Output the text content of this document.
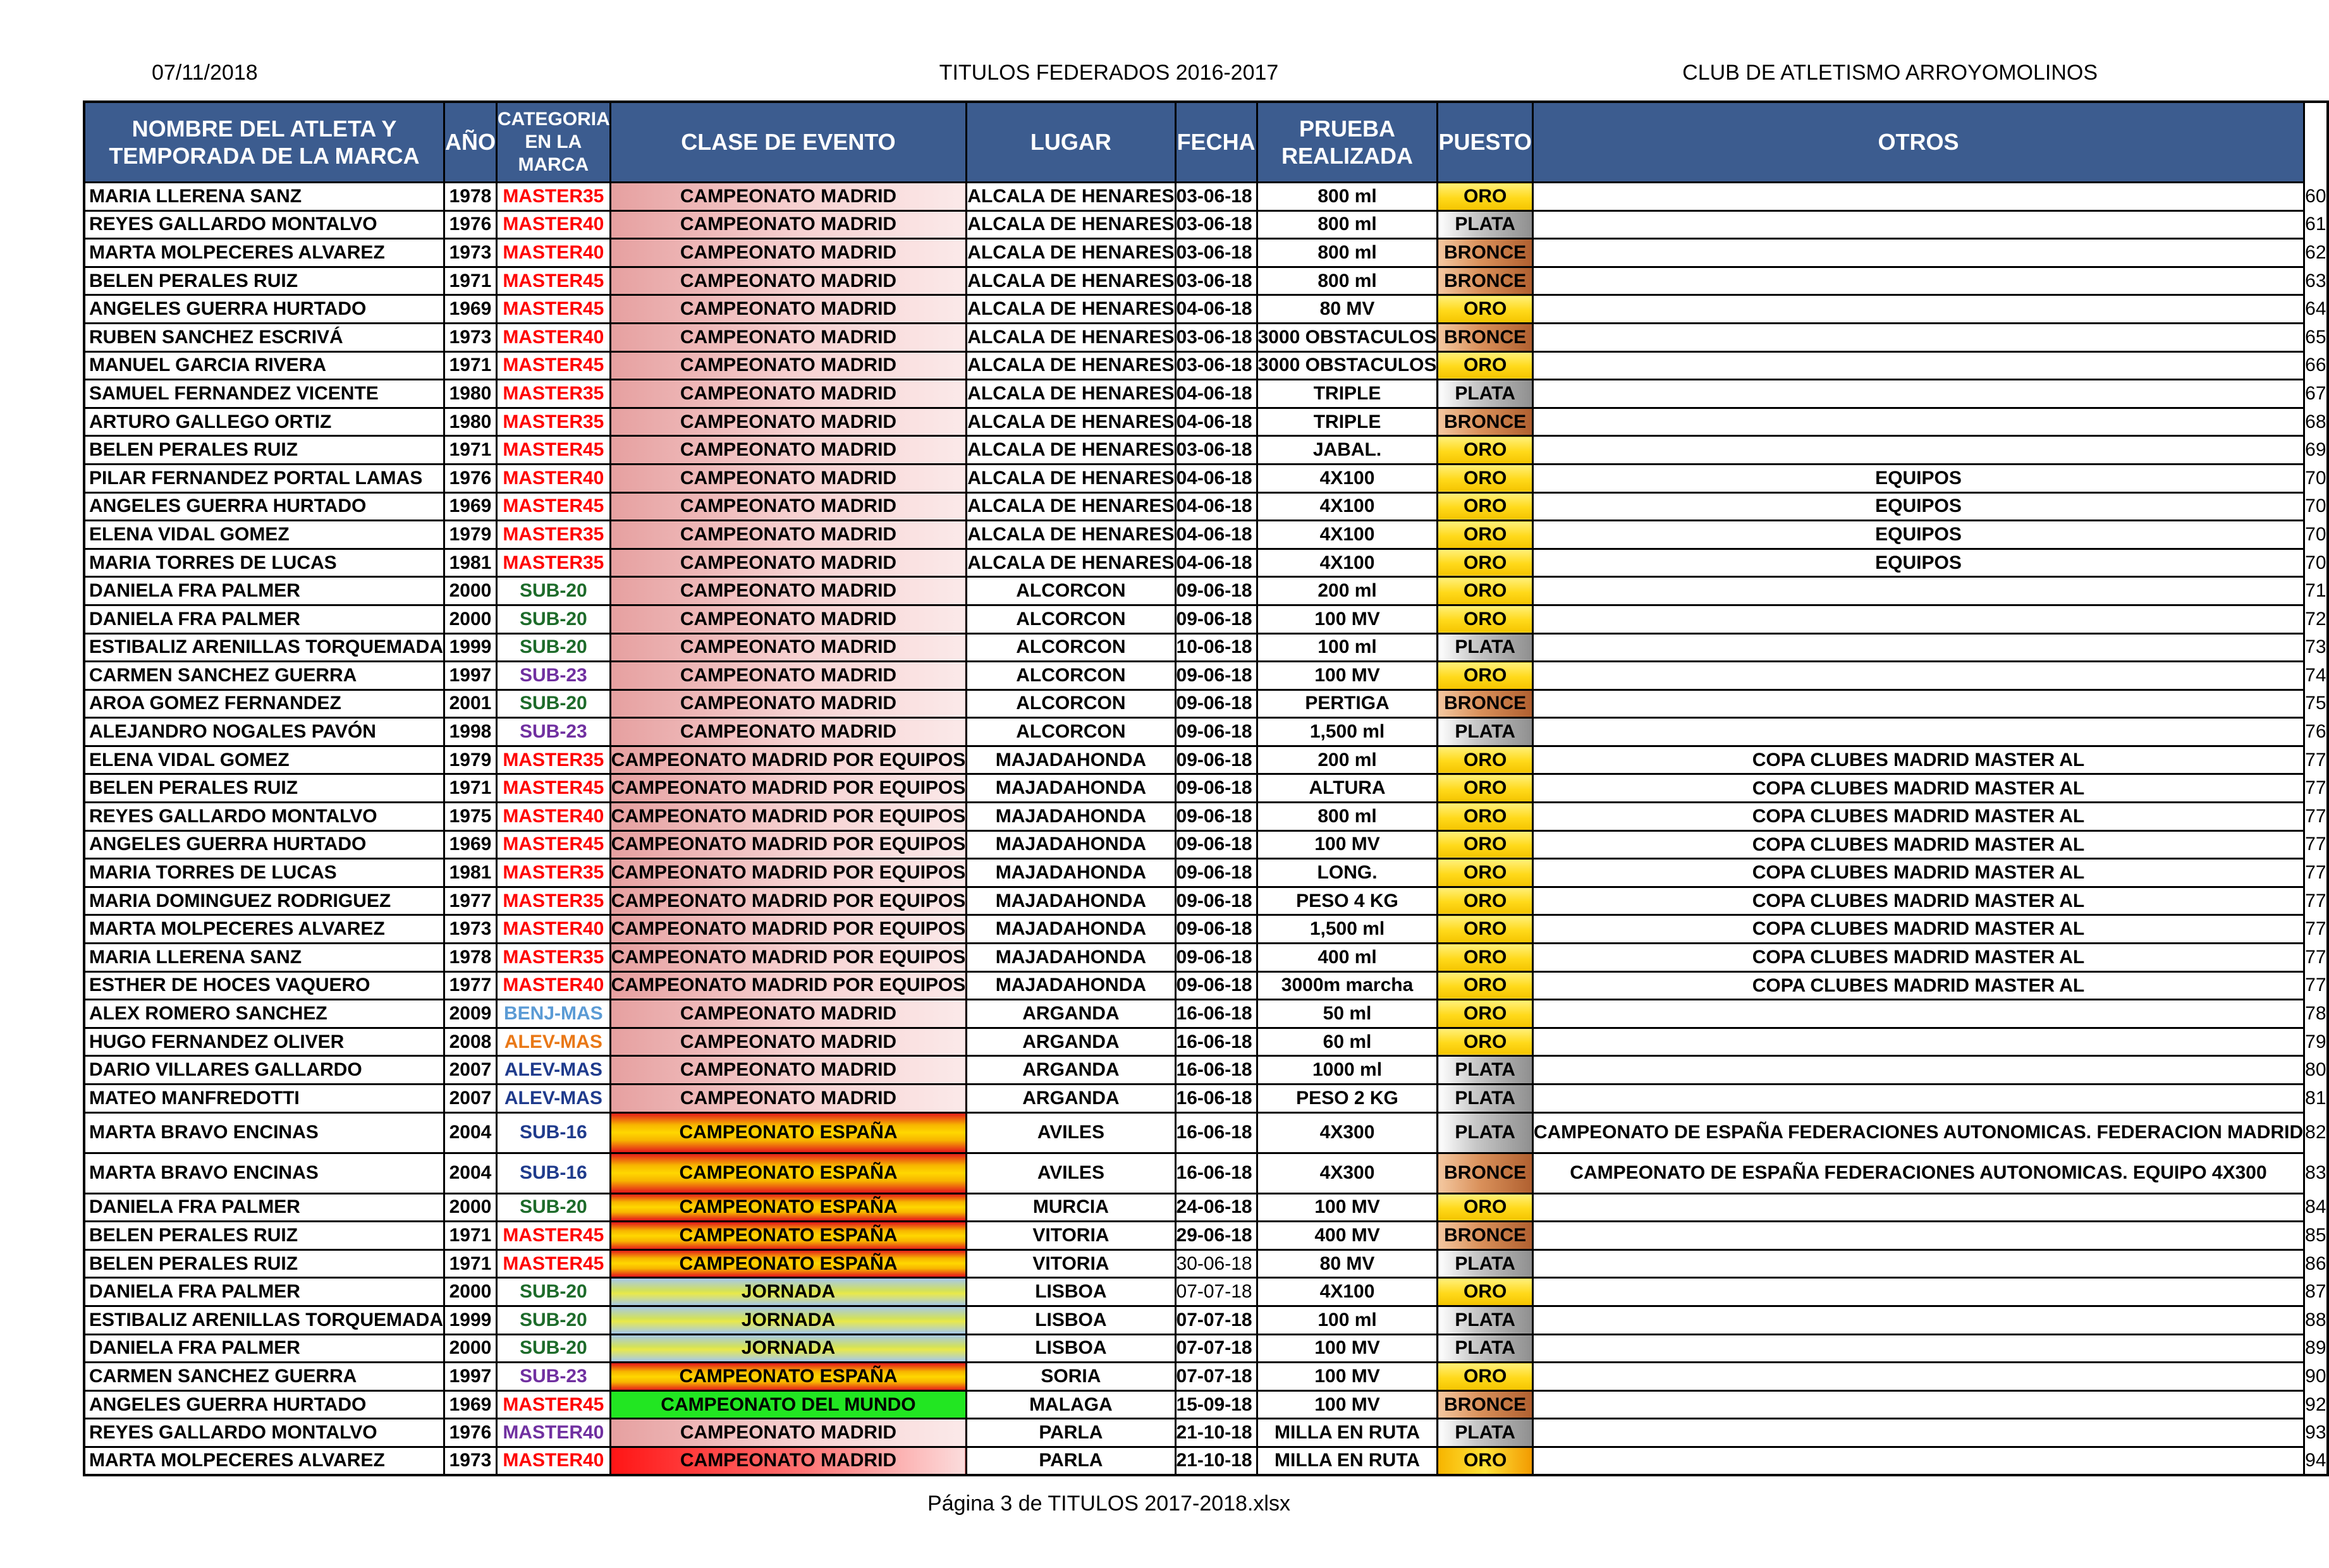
07/11/2018	TITULOS FEDERADOS 2016-2017	CLUB DE ATLETISMO ARROYOMOLINOS
NOMBRE DEL ATLETA Y TEMPORADA DE LA MARCA	AÑO	CATEGORIA EN LA MARCA	CLASE DE EVENTO	LUGAR	FECHA	PRUEBA REALIZADA	PUESTO	OTROS	
MARIA LLERENA SANZ	1978	MASTER35	CAMPEONATO MADRID	ALCALA DE HENARES	03-06-18	800 ml	ORO		60
REYES GALLARDO MONTALVO	1976	MASTER40	CAMPEONATO MADRID	ALCALA DE HENARES	03-06-18	800 ml	PLATA		61
MARTA MOLPECERES ALVAREZ	1973	MASTER40	CAMPEONATO MADRID	ALCALA DE HENARES	03-06-18	800 ml	BRONCE		62
BELEN PERALES RUIZ	1971	MASTER45	CAMPEONATO MADRID	ALCALA DE HENARES	03-06-18	800 ml	BRONCE		63
ANGELES GUERRA HURTADO	1969	MASTER45	CAMPEONATO MADRID	ALCALA DE HENARES	04-06-18	80 MV	ORO		64
RUBEN SANCHEZ ESCRIVÁ	1973	MASTER40	CAMPEONATO MADRID	ALCALA DE HENARES	03-06-18	3000 OBSTACULOS	BRONCE		65
MANUEL GARCIA RIVERA	1971	MASTER45	CAMPEONATO MADRID	ALCALA DE HENARES	03-06-18	3000 OBSTACULOS	ORO		66
SAMUEL FERNANDEZ VICENTE	1980	MASTER35	CAMPEONATO MADRID	ALCALA DE HENARES	04-06-18	TRIPLE	PLATA		67
ARTURO GALLEGO ORTIZ	1980	MASTER35	CAMPEONATO MADRID	ALCALA DE HENARES	04-06-18	TRIPLE	BRONCE		68
BELEN PERALES RUIZ	1971	MASTER45	CAMPEONATO MADRID	ALCALA DE HENARES	03-06-18	JABAL.	ORO		69
PILAR FERNANDEZ PORTAL LAMAS	1976	MASTER40	CAMPEONATO MADRID	ALCALA DE HENARES	04-06-18	4X100	ORO	EQUIPOS	70
ANGELES GUERRA HURTADO	1969	MASTER45	CAMPEONATO MADRID	ALCALA DE HENARES	04-06-18	4X100	ORO	EQUIPOS	70
ELENA VIDAL GOMEZ	1979	MASTER35	CAMPEONATO MADRID	ALCALA DE HENARES	04-06-18	4X100	ORO	EQUIPOS	70
MARIA TORRES DE LUCAS	1981	MASTER35	CAMPEONATO MADRID	ALCALA DE HENARES	04-06-18	4X100	ORO	EQUIPOS	70
DANIELA FRA PALMER	2000	SUB-20	CAMPEONATO MADRID	ALCORCON	09-06-18	200 ml	ORO		71
DANIELA FRA PALMER	2000	SUB-20	CAMPEONATO MADRID	ALCORCON	09-06-18	100 MV	ORO		72
ESTIBALIZ ARENILLAS TORQUEMADA	1999	SUB-20	CAMPEONATO MADRID	ALCORCON	10-06-18	100 ml	PLATA		73
CARMEN SANCHEZ GUERRA	1997	SUB-23	CAMPEONATO MADRID	ALCORCON	09-06-18	100 MV	ORO		74
AROA GOMEZ FERNANDEZ	2001	SUB-20	CAMPEONATO MADRID	ALCORCON	09-06-18	PERTIGA	BRONCE		75
ALEJANDRO NOGALES PAVÓN	1998	SUB-23	CAMPEONATO MADRID	ALCORCON	09-06-18	1,500 ml	PLATA		76
ELENA VIDAL GOMEZ	1979	MASTER35	CAMPEONATO MADRID POR EQUIPOS	MAJADAHONDA	09-06-18	200 ml	ORO	COPA CLUBES MADRID MASTER AL	77
BELEN PERALES RUIZ	1971	MASTER45	CAMPEONATO MADRID POR EQUIPOS	MAJADAHONDA	09-06-18	ALTURA	ORO	COPA CLUBES MADRID MASTER AL	77
REYES GALLARDO MONTALVO	1975	MASTER40	CAMPEONATO MADRID POR EQUIPOS	MAJADAHONDA	09-06-18	800 ml	ORO	COPA CLUBES MADRID MASTER AL	77
ANGELES GUERRA HURTADO	1969	MASTER45	CAMPEONATO MADRID POR EQUIPOS	MAJADAHONDA	09-06-18	100 MV	ORO	COPA CLUBES MADRID MASTER AL	77
MARIA TORRES DE LUCAS	1981	MASTER35	CAMPEONATO MADRID POR EQUIPOS	MAJADAHONDA	09-06-18	LONG.	ORO	COPA CLUBES MADRID MASTER AL	77
MARIA DOMINGUEZ RODRIGUEZ	1977	MASTER35	CAMPEONATO MADRID POR EQUIPOS	MAJADAHONDA	09-06-18	PESO 4 KG	ORO	COPA CLUBES MADRID MASTER AL	77
MARTA MOLPECERES ALVAREZ	1973	MASTER40	CAMPEONATO MADRID POR EQUIPOS	MAJADAHONDA	09-06-18	1,500 ml	ORO	COPA CLUBES MADRID MASTER AL	77
MARIA LLERENA SANZ	1978	MASTER35	CAMPEONATO MADRID POR EQUIPOS	MAJADAHONDA	09-06-18	400 ml	ORO	COPA CLUBES MADRID MASTER AL	77
ESTHER DE HOCES VAQUERO	1977	MASTER40	CAMPEONATO MADRID POR EQUIPOS	MAJADAHONDA	09-06-18	3000m marcha	ORO	COPA CLUBES MADRID MASTER AL	77
ALEX ROMERO SANCHEZ	2009	BENJ-MAS	CAMPEONATO MADRID	ARGANDA	16-06-18	50 ml	ORO		78
HUGO FERNANDEZ OLIVER	2008	ALEV-MAS	CAMPEONATO MADRID	ARGANDA	16-06-18	60 ml	ORO		79
DARIO VILLARES GALLARDO	2007	ALEV-MAS	CAMPEONATO MADRID	ARGANDA	16-06-18	1000 ml	PLATA		80
MATEO MANFREDOTTI	2007	ALEV-MAS	CAMPEONATO MADRID	ARGANDA	16-06-18	PESO 2 KG	PLATA		81
MARTA BRAVO ENCINAS	2004	SUB-16	CAMPEONATO ESPAÑA	AVILES	16-06-18	4X300	PLATA	CAMPEONATO DE ESPAÑA FEDERACIONES AUTONOMICAS. FEDERACION MADRID	82
MARTA BRAVO ENCINAS	2004	SUB-16	CAMPEONATO ESPAÑA	AVILES	16-06-18	4X300	BRONCE	CAMPEONATO DE ESPAÑA FEDERACIONES AUTONOMICAS. EQUIPO 4X300	83
DANIELA FRA PALMER	2000	SUB-20	CAMPEONATO ESPAÑA	MURCIA	24-06-18	100 MV	ORO		84
BELEN PERALES RUIZ	1971	MASTER45	CAMPEONATO ESPAÑA	VITORIA	29-06-18	400 MV	BRONCE		85
BELEN PERALES RUIZ	1971	MASTER45	CAMPEONATO ESPAÑA	VITORIA	30-06-18	80 MV	PLATA		86
DANIELA FRA PALMER	2000	SUB-20	JORNADA	LISBOA	07-07-18	4X100	ORO		87
ESTIBALIZ ARENILLAS TORQUEMADA	1999	SUB-20	JORNADA	LISBOA	07-07-18	100 ml	PLATA		88
DANIELA FRA PALMER	2000	SUB-20	JORNADA	LISBOA	07-07-18	100 MV	PLATA		89
CARMEN SANCHEZ GUERRA	1997	SUB-23	CAMPEONATO ESPAÑA	SORIA	07-07-18	100 MV	ORO		90
ANGELES GUERRA HURTADO	1969	MASTER45	CAMPEONATO DEL MUNDO	MALAGA	15-09-18	100 MV	BRONCE		92
REYES GALLARDO MONTALVO	1976	MASTER40	CAMPEONATO MADRID	PARLA	21-10-18	MILLA EN RUTA	PLATA		93
MARTA MOLPECERES ALVAREZ	1973	MASTER40	CAMPEONATO MADRID	PARLA	21-10-18	MILLA EN RUTA	ORO		94
Página 3 de TITULOS 2017-2018.xlsx
